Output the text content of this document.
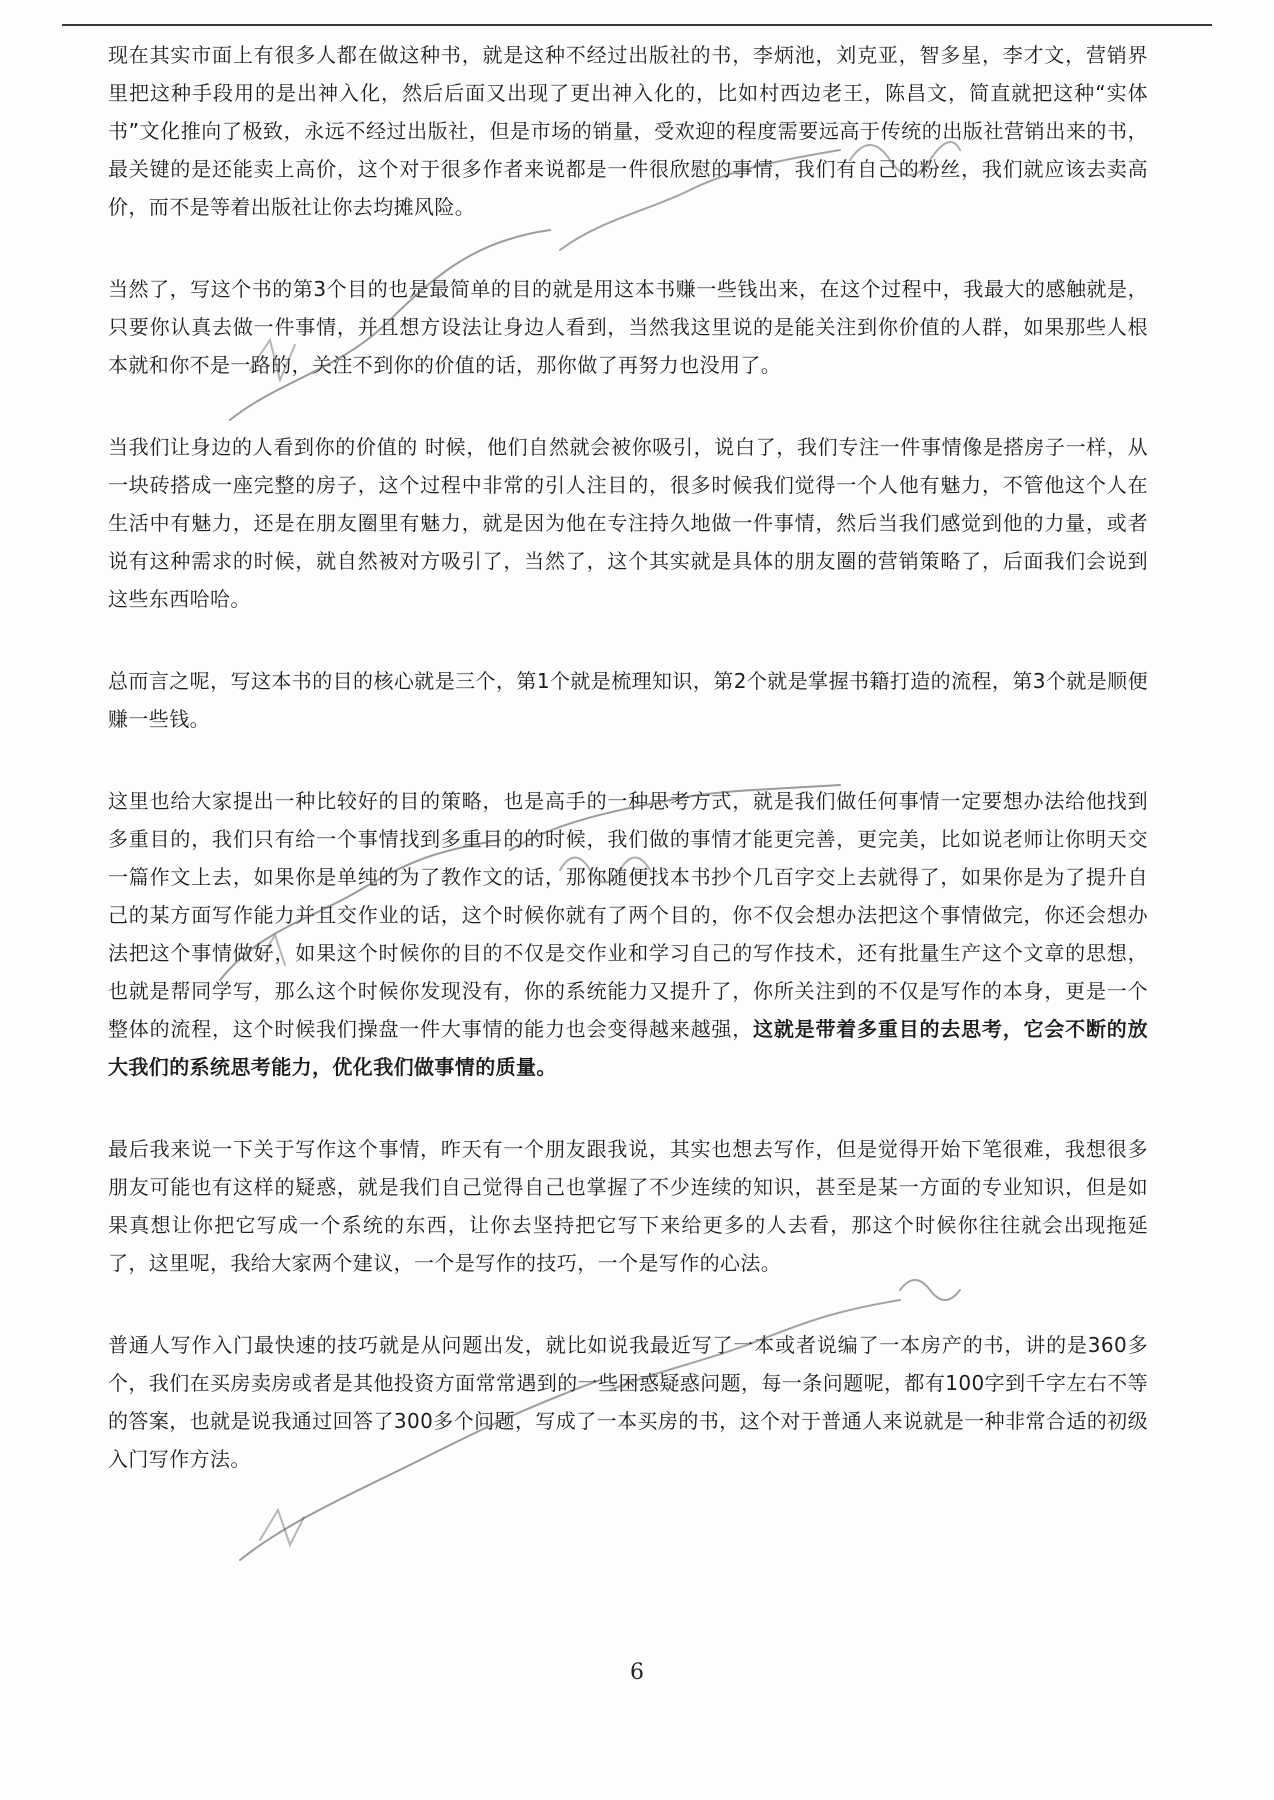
现在其实市面上有很多人都在做这种书，就是这种不经过出版社的书，李炳池，刘克亚，智多星，李才文，营销界里把这种手段用的是出神入化，然后后面又出现了更出神入化的，比如村西边老王，陈昌文，简直就把这种“实体书”文化推向了极致，永远不经过出版社，但是市场的销量，受欢迎的程度需要远高于传统的出版社营销出来的书，最关键的是还能卖上高价，这个对于很多作者来说都是一件很欣慰的事情，我们有自己的粉丝，我们就应该去卖高价，而不是等着出版社让你去均摊风险。

当然了，写这个书的第3个目的也是最简单的目的就是用这本书赚一些钱出来，在这个过程中，我最大的感触就是，只要你认真去做一件事情，并且想方设法让身边人看到，当然我这里说的是能关注到你价值的人群，如果那些人根本就和你不是一路的，关注不到你的价值的话，那你做了再努力也没用了。

当我们让身边的人看到你的价值的 时候，他们自然就会被你吸引，说白了，我们专注一件事情像是搭房子一样，从一块砖搭成一座完整的房子，这个过程中非常的引人注目的，很多时候我们觉得一个人他有魅力，不管他这个人在生活中有魅力，还是在朋友圈里有魅力，就是因为他在专注持久地做一件事情，然后当我们感觉到他的力量，或者说有这种需求的时候，就自然被对方吸引了，当然了，这个其实就是具体的朋友圈的营销策略了，后面我们会说到这些东西哈哈。

总而言之呢，写这本书的目的核心就是三个，第1个就是梳理知识，第2个就是掌握书籍打造的流程，第3个就是顺便赚一些钱。

这里也给大家提出一种比较好的目的策略，也是高手的一种思考方式，就是我们做任何事情一定要想办法给他找到多重目的，我们只有给一个事情找到多重目的的时候，我们做的事情才能更完善，更完美，比如说老师让你明天交一篇作文上去，如果你是单纯的为了教作文的话，那你随便找本书抄个几百字交上去就得了，如果你是为了提升自己的某方面写作能力并且交作业的话，这个时候你就有了两个目的，你不仅会想办法把这个事情做完，你还会想办法把这个事情做好，如果这个时候你的目的不仅是交作业和学习自己的写作技术，还有批量生产这个文章的思想，也就是帮同学写，那么这个时候你发现没有，你的系统能力又提升了，你所关注到的不仅是写作的本身，更是一个整体的流程，这个时候我们操盘一件大事情的能力也会变得越来越强，这就是带着多重目的去思考，它会不断的放大我们的系统思考能力，优化我们做事情的质量。

最后我来说一下关于写作这个事情，昨天有一个朋友跟我说，其实也想去写作，但是觉得开始下笔很难，我想很多朋友可能也有这样的疑惑，就是我们自己觉得自己也掌握了不少连续的知识，甚至是某一方面的专业知识，但是如果真想让你把它写成一个系统的东西，让你去坚持把它写下来给更多的人去看，那这个时候你往往就会出现拖延了，这里呢，我给大家两个建议，一个是写作的技巧，一个是写作的心法。

普通人写作入门最快速的技巧就是从问题出发，就比如说我最近写了一本或者说编了一本房产的书，讲的是360多个，我们在买房卖房或者是其他投资方面常常遇到的一些困惑疑惑问题，每一条问题呢，都有100字到千字左右不等的答案，也就是说我通过回答了300多个问题，写成了一本买房的书，这个对于普通人来说就是一种非常合适的初级入门写作方法。

6
